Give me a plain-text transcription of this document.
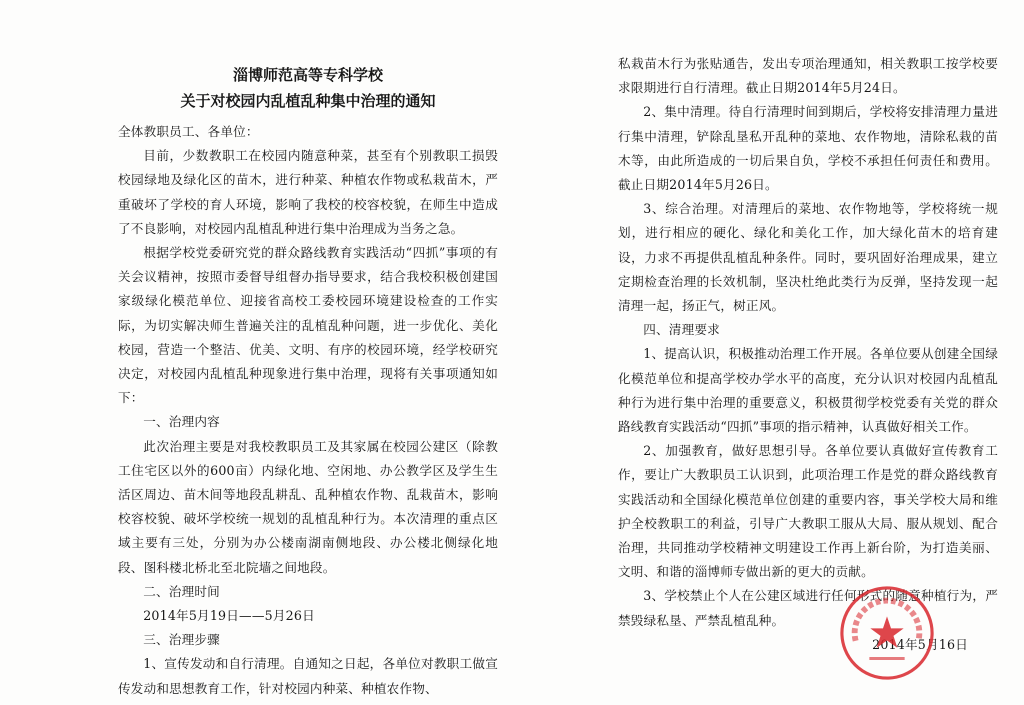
淄博师范高等专科学校
关于对校园内乱植乱种集中治理的通知

全体教职员工、各单位：

目前，少数教职工在校园内随意种菜，甚至有个别教职工损毁校园绿地及绿化区的苗木，进行种菜、种植农作物或私栽苗木，严重破坏了学校的育人环境，影响了我校的校容校貌，在师生中造成了不良影响，对校园内乱植乱种进行集中治理成为当务之急。

根据学校党委研究党的群众路线教育实践活动“四抓”事项的有关会议精神，按照市委督导组督办指导要求，结合我校积极创建国家级绿化模范单位、迎接省高校工委校园环境建设检查的工作实际，为切实解决师生普遍关注的乱植乱种问题，进一步优化、美化校园，营造一个整洁、优美、文明、有序的校园环境，经学校研究决定，对校园内乱植乱种现象进行集中治理，现将有关事项通知如下：

一、治理内容

此次治理主要是对我校教职员工及其家属在校园公建区（除教工住宅区以外的600亩）内绿化地、空闲地、办公教学区及学生生活区周边、苗木间等地段乱耕乱、乱种植农作物、乱栽苗木，影响校容校貌、破坏学校统一规划的乱植乱种行为。本次清理的重点区域主要有三处，分别为办公楼南湖南侧地段、办公楼北侧绿化地段、图科楼北桥北至北院墙之间地段。

二、治理时间

2014年5月19日——5月26日

三、治理步骤

1、宣传发动和自行清理。自通知之日起，各单位对教职工做宣传发动和思想教育工作，针对校园内种菜、种植农作物、

私栽苗木行为张贴通告，发出专项治理通知，相关教职工按学校要求限期进行自行清理。截止日期2014年5月24日。

2、集中清理。待自行清理时间到期后，学校将安排清理力量进行集中清理，铲除乱垦私开乱种的菜地、农作物地，清除私栽的苗木等，由此所造成的一切后果自负，学校不承担任何责任和费用。截止日期2014年5月26日。

3、综合治理。对清理后的菜地、农作物地等，学校将统一规划，进行相应的硬化、绿化和美化工作，加大绿化苗木的培育建设，力求不再提供乱植乱种条件。同时，要巩固好治理成果，建立定期检查治理的长效机制，坚决杜绝此类行为反弹，坚持发现一起清理一起，扬正气，树正风。

四、清理要求

1、提高认识，积极推动治理工作开展。各单位要从创建全国绿化模范单位和提高学校办学水平的高度，充分认识对校园内乱植乱种行为进行集中治理的重要意义，积极贯彻学校党委有关党的群众路线教育实践活动“四抓”事项的指示精神，认真做好相关工作。

2、加强教育，做好思想引导。各单位要认真做好宣传教育工作，要让广大教职员工认识到，此项治理工作是党的群众路线教育实践活动和全国绿化模范单位创建的重要内容，事关学校大局和维护全校教职工的利益，引导广大教职工服从大局、服从规划、配合治理，共同推动学校精神文明建设工作再上新台阶，为打造美丽、文明、和谐的淄博师专做出新的更大的贡献。

3、学校禁止个人在公建区域进行任何形式的随意种植行为，严禁毁绿私垦、严禁乱植乱种。

2014年5月16日
